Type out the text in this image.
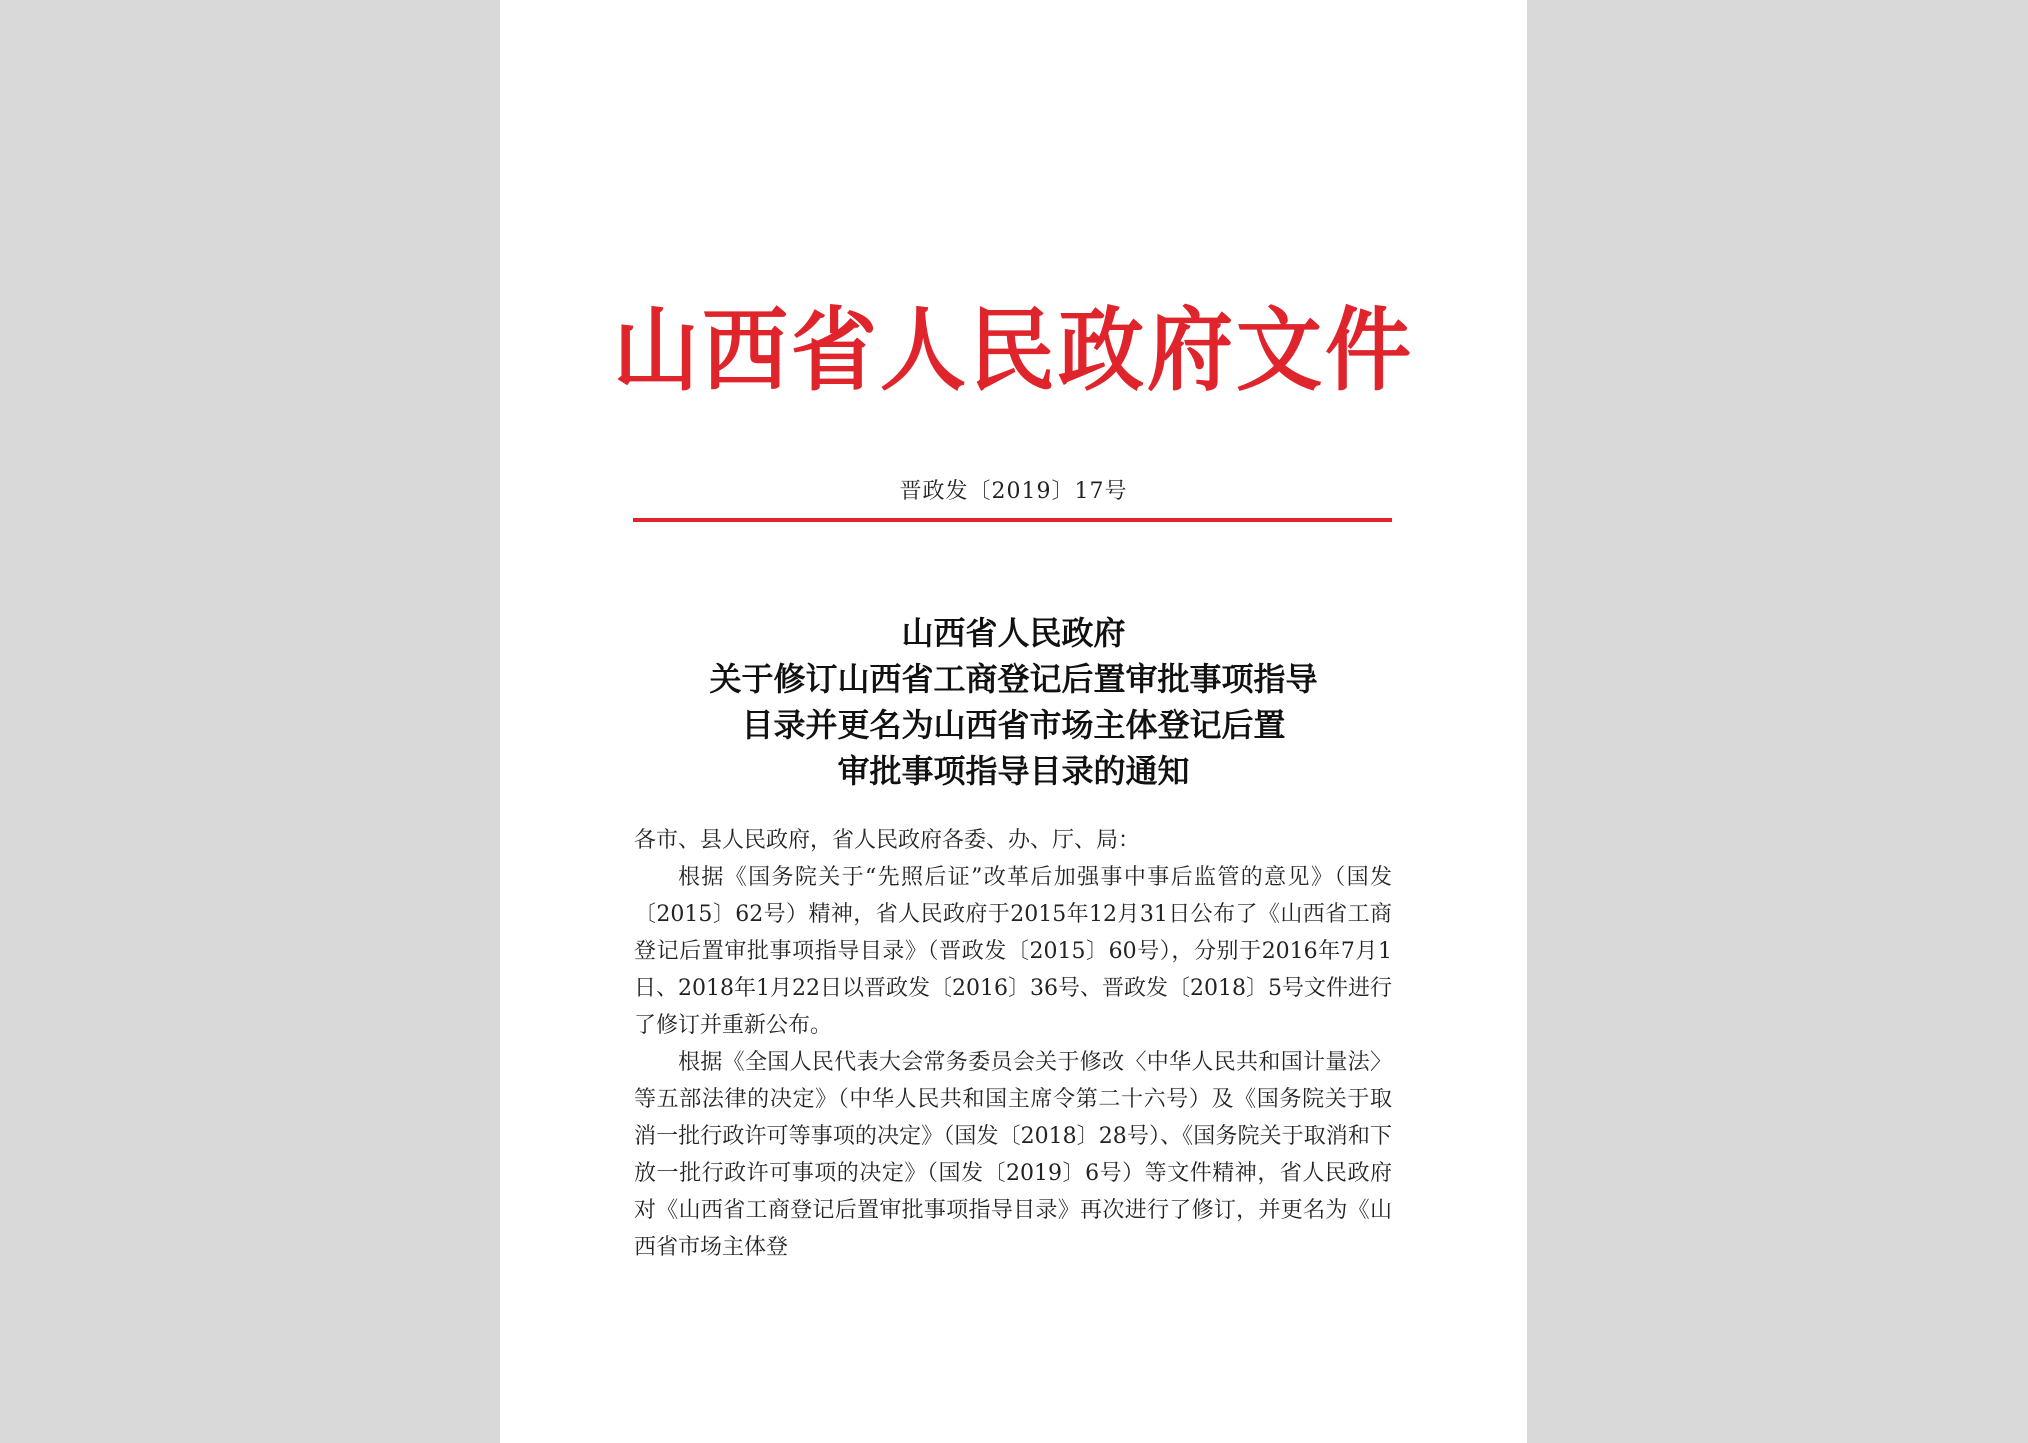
山西省人民政府文件
晋政发〔2019〕17号
山西省人民政府
关于修订山西省工商登记后置审批事项指导
目录并更名为山西省市场主体登记后置
审批事项指导目录的通知

各市、县人民政府，省人民政府各委、办、厅、局：

根据《国务院关于“先照后证”改革后加强事中事后监管的意见》（国发〔2015〕62号）精神，省人民政府于2015年12月31日公布了《山西省工商登记后置审批事项指导目录》（晋政发〔2015〕60号），分别于2016年7月1日、2018年1月22日以晋政发〔2016〕36号、晋政发〔2018〕5号文件进行了修订并重新公布。

根据《全国人民代表大会常务委员会关于修改〈中华人民共和国计量法〉等五部法律的决定》（中华人民共和国主席令第二十六号）及《国务院关于取消一批行政许可等事项的决定》（国发〔2018〕28号）、《国务院关于取消和下放一批行政许可事项的决定》（国发〔2019〕6号）等文件精神，省人民政府对《山西省工商登记后置审批事项指导目录》再次进行了修订，并更名为《山西省市场主体登
